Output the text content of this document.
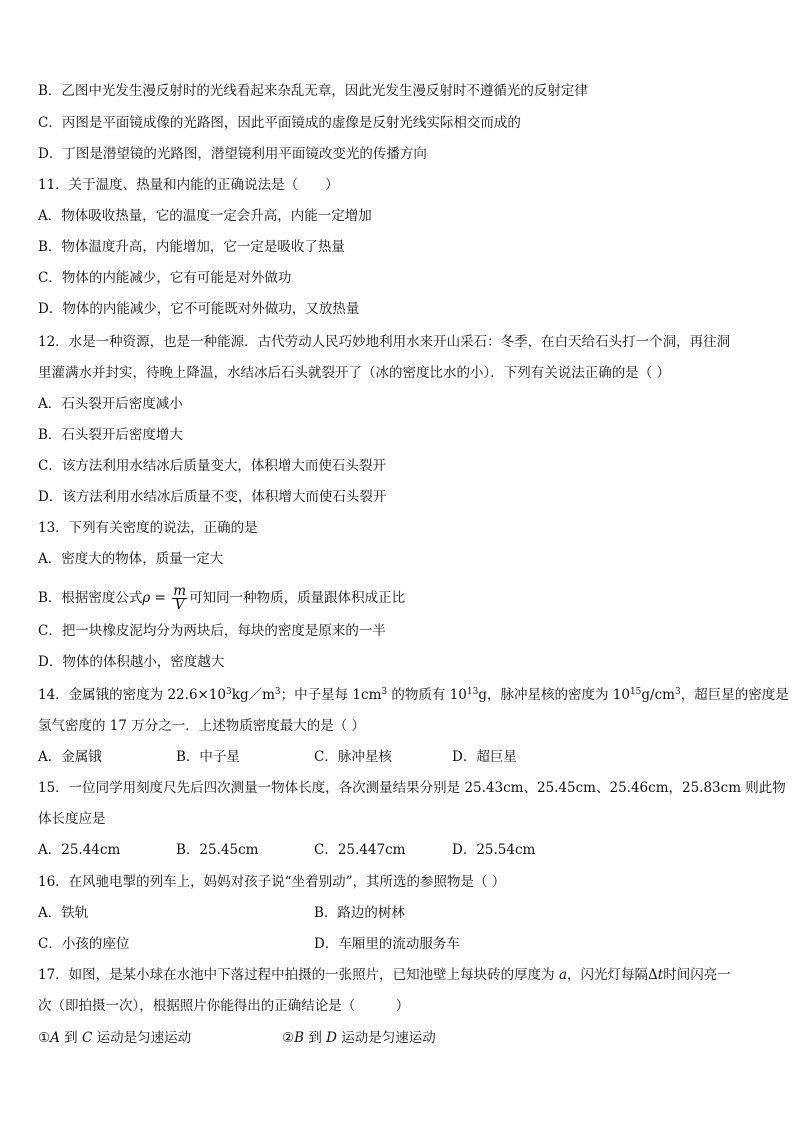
B．乙图中光发生漫反射时的光线看起来杂乱无章，因此光发生漫反射时不遵循光的反射定律
C．丙图是平面镜成像的光路图，因此平面镜成的虚像是反射光线实际相交而成的
D．丁图是潜望镜的光路图，潜望镜利用平面镜改变光的传播方向
11．关于温度、热量和内能的正确说法是（　　）
A．物体吸收热量，它的温度一定会升高，内能一定增加
B．物体温度升高，内能增加，它一定是吸收了热量
C．物体的内能减少，它有可能是对外做功
D．物体的内能减少，它不可能既对外做功，又放热量
12．水是一种资源，也是一种能源．古代劳动人民巧妙地利用水来开山采石：冬季，在白天给石头打一个洞，再往洞
里灌满水并封实，待晚上降温，水结冰后石头就裂开了（冰的密度比水的小）．下列有关说法正确的是（ ）
A．石头裂开后密度减小
B．石头裂开后密度增大
C．该方法利用水结冰后质量变大，体积增大而使石头裂开
D．该方法利用水结冰后质量不变，体积增大而使石头裂开
13．下列有关密度的说法，正确的是
A．密度大的物体，质量一定大
B．根据密度公式$\rho = \frac{m}{V}$ 可知同一种物质，质量跟体积成正比
C．把一块橡皮泥均分为两块后，每块的密度是原来的一半
D．物体的体积越小，密度越大
14．金属锇的密度为 $22.6\times 10^3kg/m^3$；中子星每 $1cm^3$ 的物质有 $10^{13}g$，脉冲星核的密度为 $10^{15}g/cm^3$，超巨星的密度是
氢气密度的 17 万分之一．上述物质密度最大的是（ ）
A．金属锇	B．中子星	C．脉冲星核	D．超巨星
15．一位同学用刻度尺先后四次测量一物体长度，各次测量结果分别是 25.43cm、25.45cm、25.46cm，25.83cm 则此物
体长度应是
A．25.44cm	B．25.45cm	C．25.447cm	D．25.54cm
16．在风驰电掣的列车上，妈妈对孩子说“坐着别动”，其所选的参照物是（ ）
A．铁轨	B．路边的树林
C．小孩的座位	D．车厢里的流动服务车
17．如图，是某小球在水池中下落过程中拍摄的一张照片，已知池壁上每块砖的厚度为 a，闪光灯每隔Δt时间闪亮一
次（即拍摄一次），根据照片你能得出的正确结论是（　　　）
①A 到 C 运动是匀速运动	②B 到 D 运动是匀速运动
